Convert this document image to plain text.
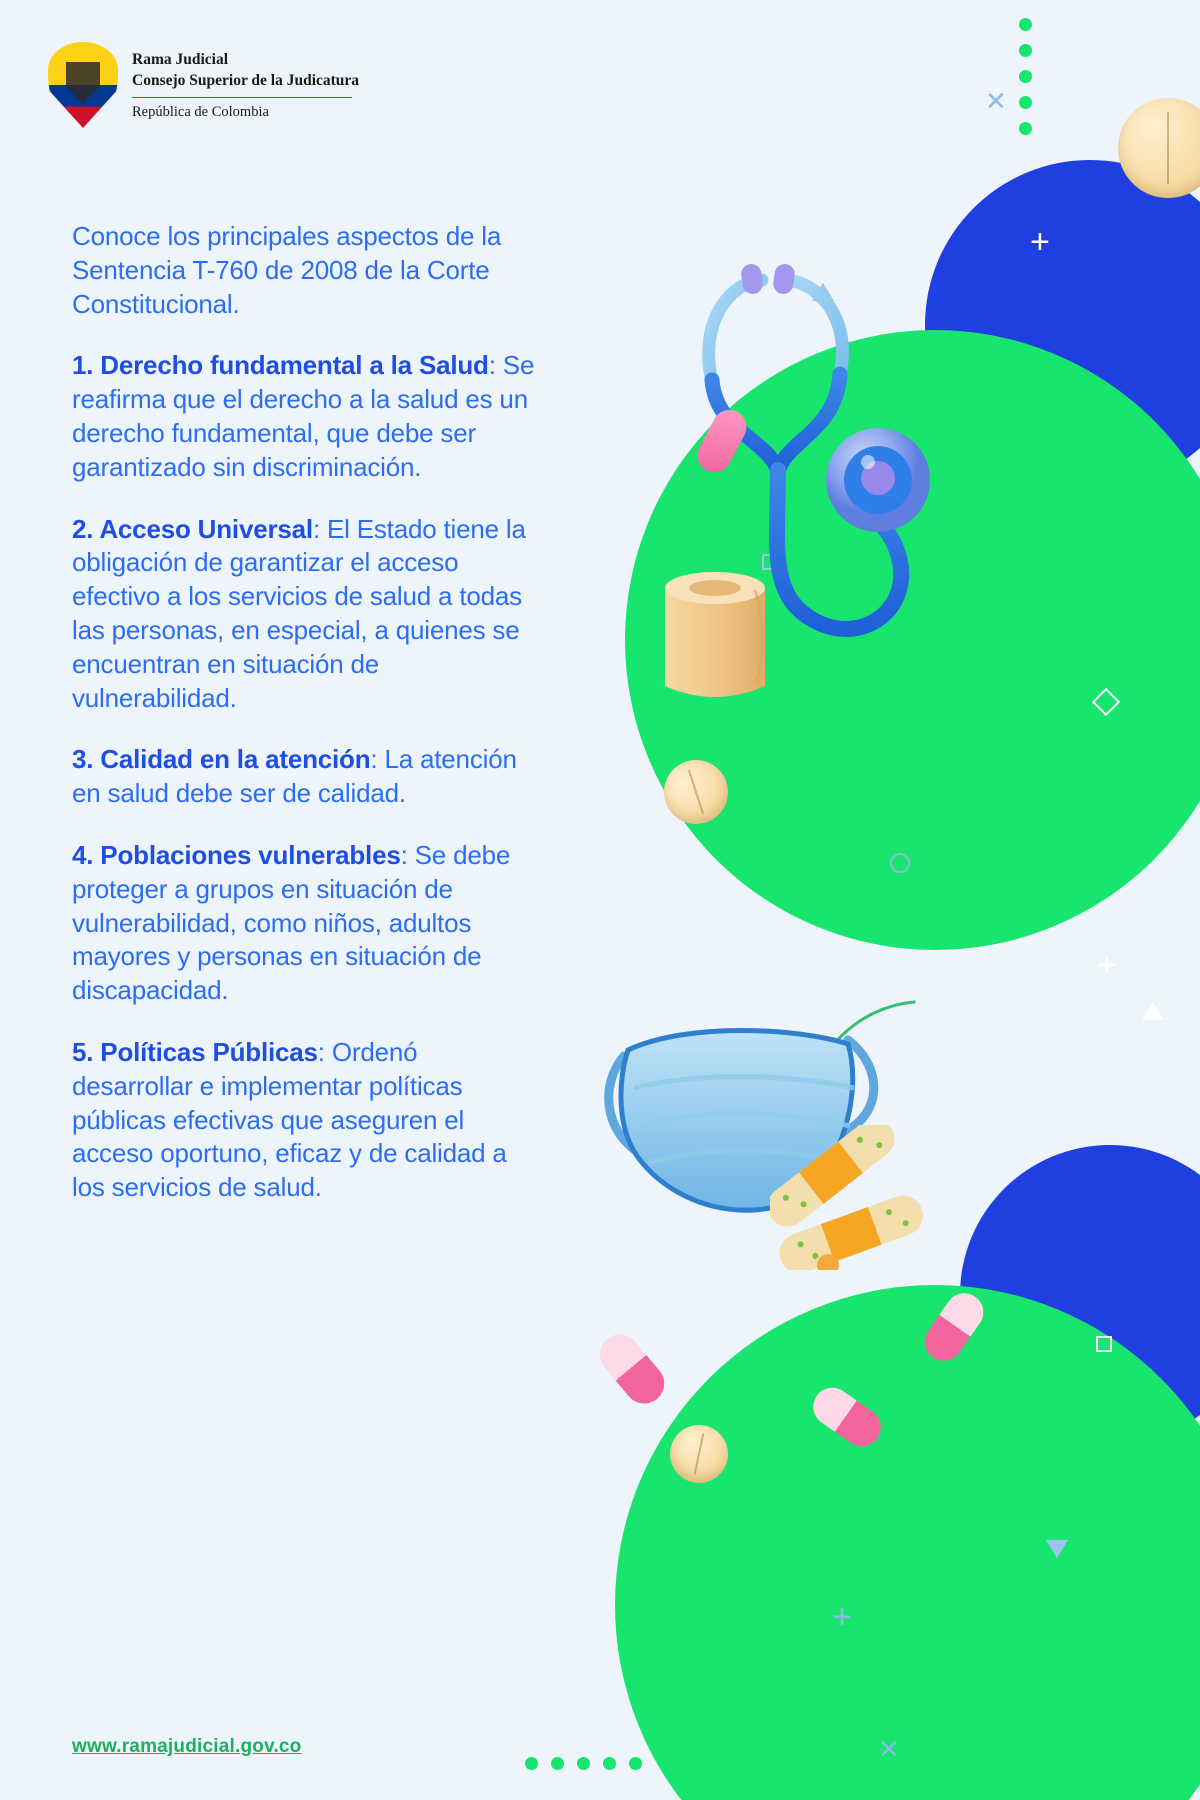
✕
+
+
+
✕
Rama Judicial
Consejo Superior de la Judicatura
República de Colombia

Conoce los principales aspectos de la Sentencia T-760 de 2008 de la Corte Constitucional.

1. Derecho fundamental a la Salud: Se reafirma que el derecho a la salud es un derecho fundamental, que debe ser garantizado sin discriminación.

2. Acceso Universal: El Estado tiene la obligación de garantizar el acceso efectivo a los servicios de salud a todas las personas, en especial, a quienes se encuentran en situación de vulnerabilidad.

3. Calidad en la atención: La atención en salud debe ser de calidad.

4. Poblaciones vulnerables: Se debe proteger a grupos en situación de vulnerabilidad, como niños, adultos mayores y personas en situación de discapacidad.

5. Políticas Públicas: Ordenó desarrollar e implementar políticas públicas efectivas que aseguren el acceso oportuno, eficaz y de calidad a los servicios de salud.

www.ramajudicial.gov.co
